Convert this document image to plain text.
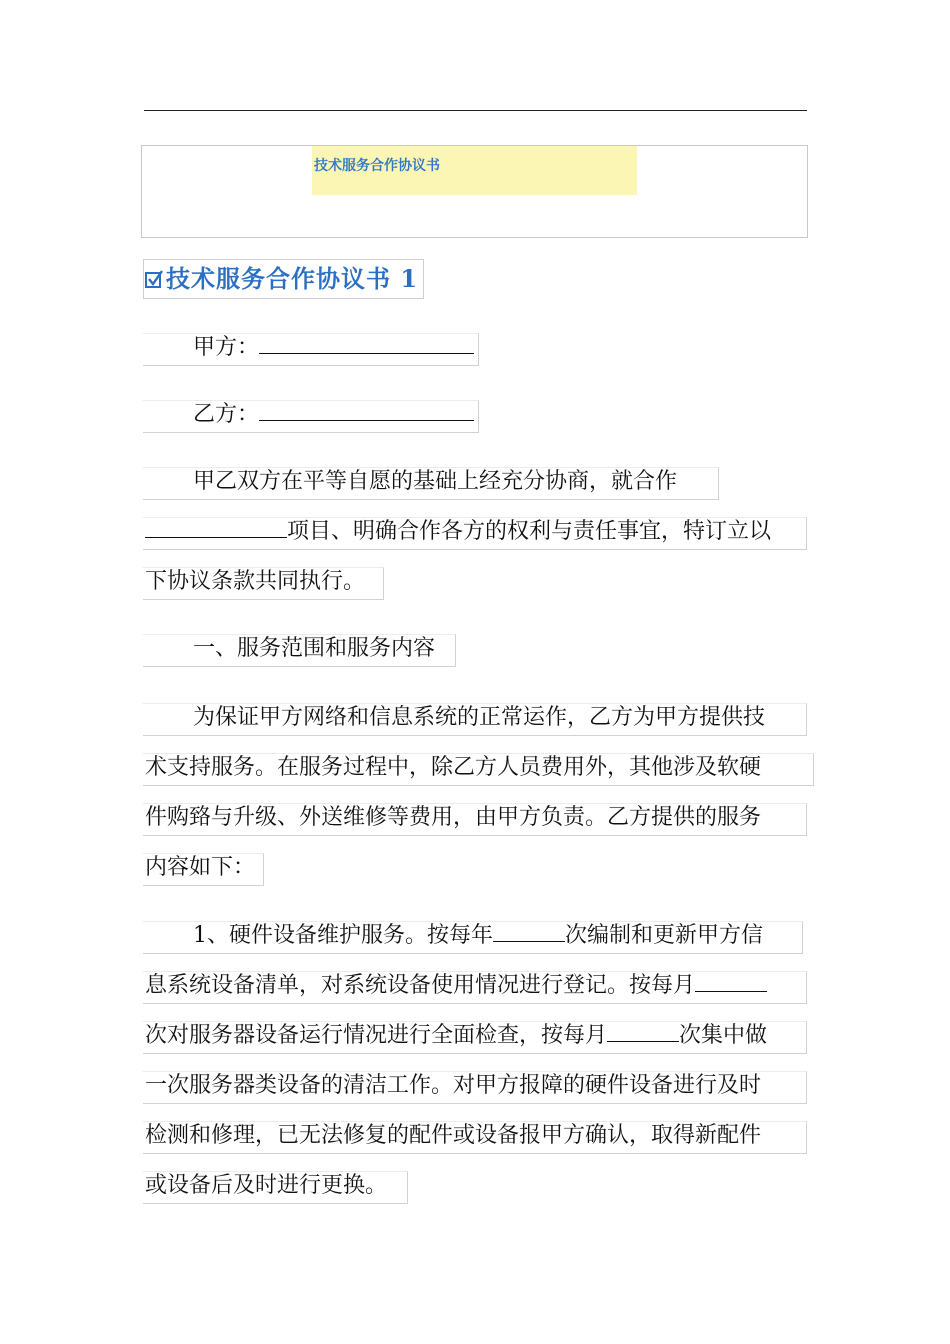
技术服务合作协议书
技术服务合作协议书 1
甲方：
乙方：
甲乙双方在平等自愿的基础上经充分协商，就合作
项目、明确合作各方的权利与责任事宜，特订立以
下协议条款共同执行。
一、服务范围和服务内容
为保证甲方网络和信息系统的正常运作，乙方为甲方提供技
术支持服务。在服务过程中，除乙方人员费用外，其他涉及软硬
件购臵与升级、外送维修等费用，由甲方负责。乙方提供的服务
内容如下：
1、硬件设备维护服务。按每年	次编制和更新甲方信
息系统设备清单，对系统设备使用情况进行登记。按每月
次对服务器设备运行情况进行全面检查，按每月	次集中做
一次服务器类设备的清洁工作。对甲方报障的硬件设备进行及时
检测和修理，已无法修复的配件或设备报甲方确认，取得新配件
或设备后及时进行更换。
